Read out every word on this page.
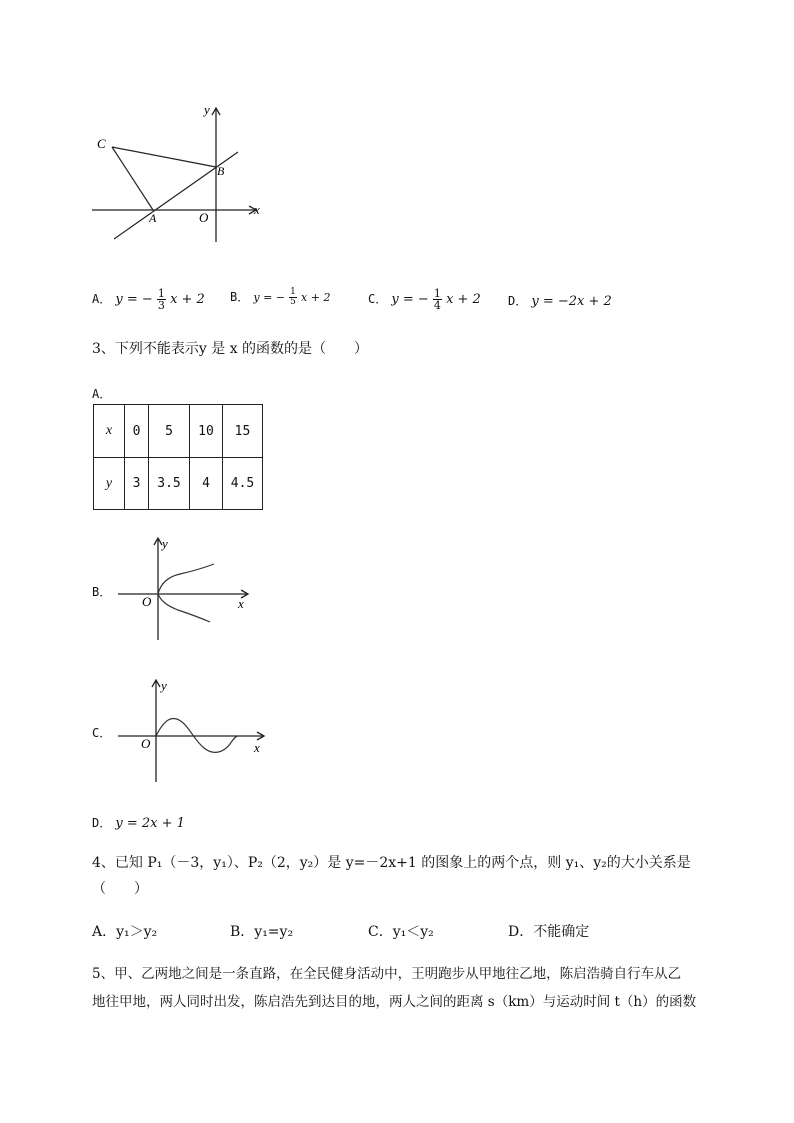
y
x
C
B
A	O
A． y = − $\frac{1}{3}$ x + 2 B． y = − $\frac{1}{5}$ x + 2	C． y = − $\frac{1}{4}$ x + 2 D． y = −2x + 2
3、下列不能表示y 是 x 的函数的是（　　）
A．
x	0	5	10	15
y	3	3.5	4	4.5
B．
y
x
O
C．
y
x
O
D． y = 2x + 1
4、已知 P₁（－3，y₁）、P₂（2，y₂）是 y=－2x+1 的图象上的两个点，则 y₁、y₂的大小关系是
（　　）
A．y₁＞y₂	B．y₁=y₂	C．y₁＜y₂	D．不能确定
5、甲、乙两地之间是一条直路，在全民健身活动中，王明跑步从甲地往乙地，陈启浩骑自行车从乙
地往甲地，两人同时出发，陈启浩先到达目的地，两人之间的距离 s（km）与运动时间 t（h）的函数
